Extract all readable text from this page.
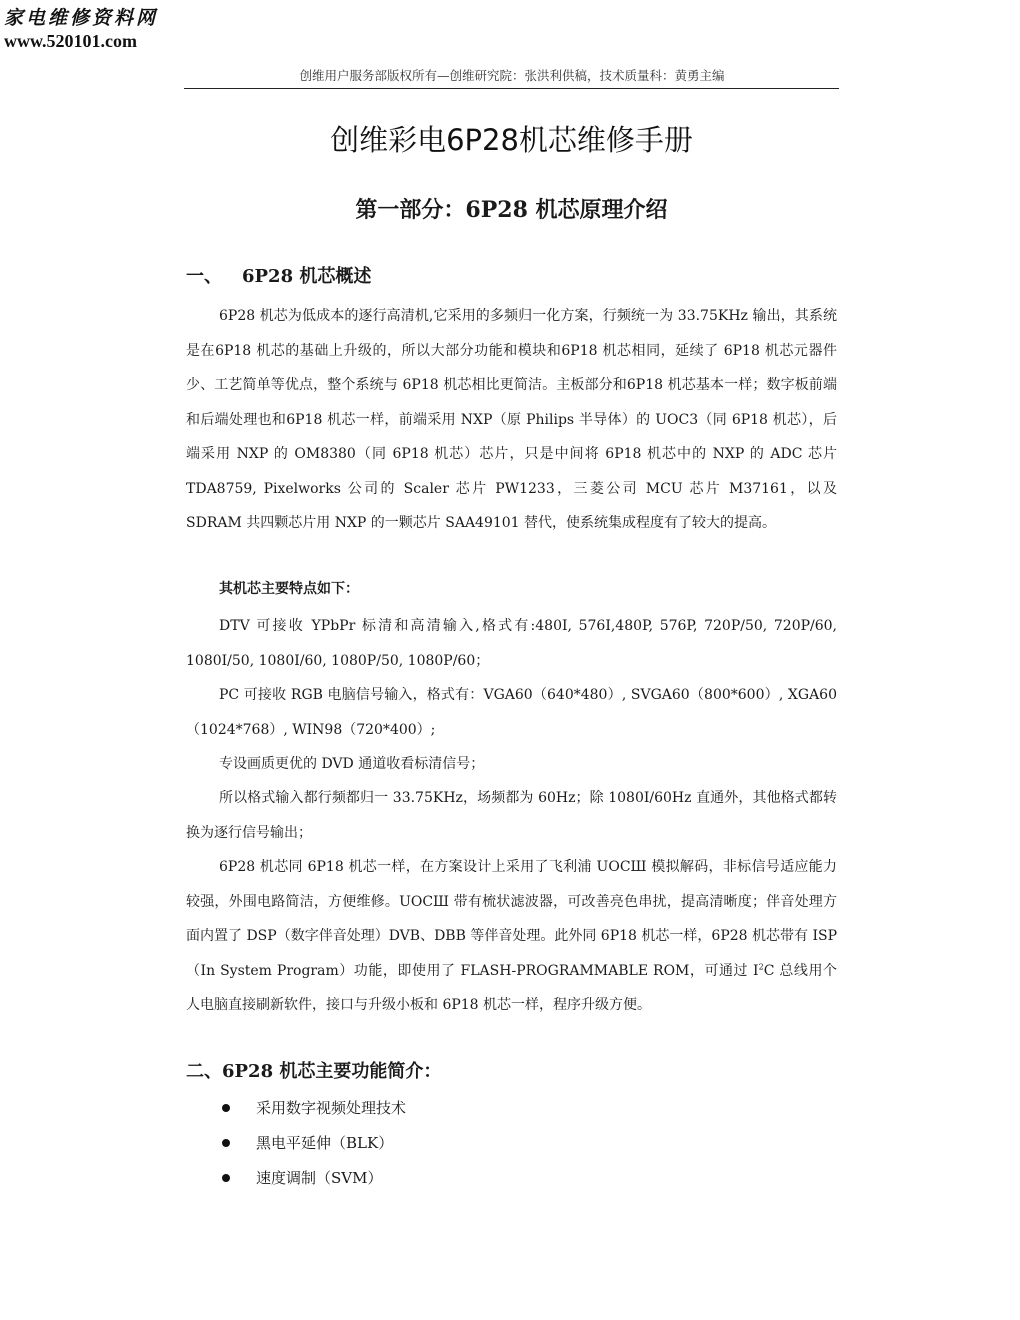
家电维修资料网
www.520101.com
创维用户服务部版权所有—创维研究院：张洪利供稿，技术质量科：黄勇主编
创维彩电6P28机芯维修手册
第一部分：6P28 机芯原理介绍
一、 6P28 机芯概述

6P28 机芯为低成本的逐行高清机,它采用的多频归一化方案，行频统一为 33.75KHz 输出，其系统是在6P18 机芯的基础上升级的，所以大部分功能和模块和6P18 机芯相同，延续了 6P18 机芯元器件少、工艺简单等优点，整个系统与 6P18 机芯相比更简洁。主板部分和6P18 机芯基本一样；数字板前端和后端处理也和6P18 机芯一样，前端采用 NXP（原 Philips 半导体）的 UOC3（同 6P18 机芯），后端采用 NXP 的 OM8380（同 6P18 机芯）芯片，只是中间将 6P18 机芯中的 NXP 的 ADC 芯片 TDA8759, Pixelworks 公司的 Scaler 芯片 PW1233，三菱公司 MCU 芯片 M37161，以及 SDRAM 共四颗芯片用 NXP 的一颗芯片 SAA49101 替代，使系统集成程度有了较大的提高。

其机芯主要特点如下：

DTV 可接收 YPbPr 标清和高清输入,格式有:480I, 576I,480P, 576P, 720P/50, 720P/60, 1080I/50, 1080I/60, 1080P/50, 1080P/60；

PC 可接收 RGB 电脑信号输入，格式有：VGA60（640*480）, SVGA60（800*600）, XGA60（1024*768）, WIN98（720*400）;

专设画质更优的 DVD 通道收看标清信号；

所以格式输入都行频都归一 33.75KHz，场频都为 60Hz；除 1080I/60Hz 直通外，其他格式都转换为逐行信号输出；

6P28 机芯同 6P18 机芯一样，在方案设计上采用了飞利浦 UOCШ 模拟解码，非标信号适应能力较强，外围电路简洁，方便维修。UOCШ 带有梳状滤波器，可改善亮色串扰，提高清晰度；伴音处理方面内置了 DSP（数字伴音处理）DVB、DBB 等伴音处理。此外同 6P18 机芯一样，6P28 机芯带有 ISP（In System Program）功能，即使用了 FLASH-PROGRAMMABLE ROM，可通过 $I^2C$ 总线用个人电脑直接刷新软件，接口与升级小板和 6P18 机芯一样，程序升级方便。

二、6P28 机芯主要功能简介：
采用数字视频处理技术
黑电平延伸（BLK）
速度调制（SVM）
